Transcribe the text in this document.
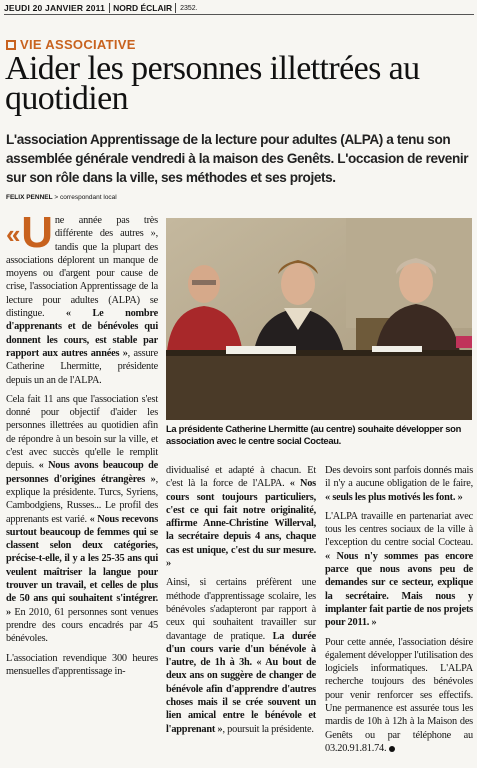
JEUDI 20 JANVIER 2011 NORD ÉCLAIR	2352.
VIE ASSOCIATIVE
Aider les personnes illettrées au quotidien
L'association Apprentissage de la lecture pour adultes (ALPA) a tenu son assemblée générale vendredi à la maison des Genêts. L'occasion de revenir sur son rôle dans la ville, ses méthodes et ses projets.
FELIX PENNEL > correspondant local

« U ne année pas très différente des autres », tandis que la plupart des associations déplorent un manque de moyens ou d'argent pour cause de crise, l'association Apprentissage de la lecture pour adultes (ALPA) se distingue. « Le nombre d'apprenants et de bénévoles qui donnent les cours, est stable par rapport aux autres années », assure Catherine Lhermitte, présidente depuis un an de l'ALPA.

Cela fait 11 ans que l'association s'est donné pour objectif d'aider les personnes illettrées au quotidien afin de répondre à un besoin sur la ville, et c'est avec succès qu'elle le remplit depuis. « Nous avons beaucoup de personnes d'origines étrangères », explique la présidente. Turcs, Syriens, Cambodgiens, Russes... Le profil des apprenants est varié. « Nous recevons surtout beaucoup de femmes qui se classent selon deux catégories, précise-t-elle, il y a les 25-35 ans qui veulent maîtriser la langue pour trouver un travail, et celles de plus de 50 ans qui souhaitent s'intégrer. » En 2010, 61 personnes sont venues prendre des cours encadrés par 45 bénévoles.

L'association revendique 300 heures mensuelles d'apprentissage in-

La présidente Catherine Lhermitte (au centre) souhaite développer son association avec le centre social Cocteau.

dividualisé et adapté à chacun. Et c'est là la force de l'ALPA. « Nos cours sont toujours particuliers, c'est ce qui fait notre originalité, affirme Anne-Christine Willerval, la secrétaire depuis 4 ans, chaque cas est unique, c'est du sur mesure. »

Ainsi, si certains préfèrent une méthode d'apprentissage scolaire, les bénévoles s'adapteront par rapport à ceux qui souhaitent travailler sur davantage de pratique. La durée d'un cours varie d'un bénévole à l'autre, de 1h à 3h. « Au bout de deux ans on suggère de changer de bénévole afin d'apprendre d'autres choses mais il se crée souvent un lien amical entre le bénévole et l'apprenant », poursuit la présidente.

Des devoirs sont parfois donnés mais il n'y a aucune obligation de le faire, « seuls les plus motivés les font. »

L'ALPA travaille en partenariat avec tous les centres sociaux de la ville à l'exception du centre social Cocteau. « Nous n'y sommes pas encore parce que nous avons peu de demandes sur ce secteur, explique la secrétaire. Mais nous y implanter fait partie de nos projets pour 2011. »

Pour cette année, l'association désire également développer l'utilisation des logiciels informatiques. L'ALPA recherche toujours des bénévoles pour venir renforcer ses effectifs. Une permanence est assurée tous les mardis de 10h à 12h à la Maison des Genêts ou par téléphone au 03.20.91.81.74.
